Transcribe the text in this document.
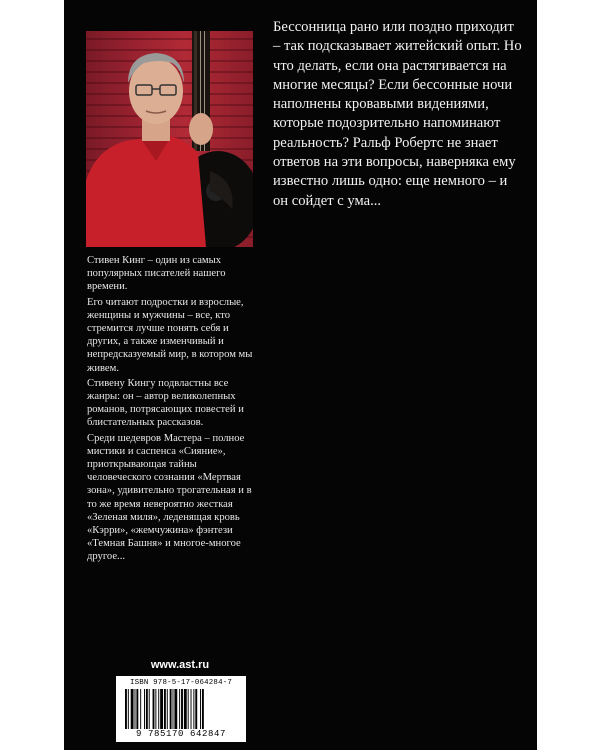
Стивен Кинг – один из самых популярных писателей нашего времени.

Его читают подростки и взрослые, женщины и мужчины – все, кто стремится лучше понять себя и других, а также изменчивый и непредсказуемый мир, в котором мы живем.

Стивену Кингу подвластны все жанры: он – автор великолепных романов, потрясающих повестей и блистательных рассказов.

Среди шедевров Мастера – полное мистики и саспенса «Сияние», приоткрывающая тайны человеческого сознания «Мертвая зона», удивительно трогательная и в то же время невероятно жесткая «Зеленая миля», леденящая кровь «Кэрри», «жемчужина» фэнтези «Темная Башня» и многое-многое другое...

Бессонница рано или поздно приходит – так подсказывает житейский опыт. Но что делать, если она растягивается на многие месяцы? Если бессонные ночи наполнены кровавыми видениями, которые подозрительно напоминают реальность? Ральф Робертс не знает ответов на эти вопросы, наверняка ему известно лишь одно: еще немного – и он сойдет с ума...
www.ast.ru
ISBN 978-5-17-064284-7
9 785170 642847
